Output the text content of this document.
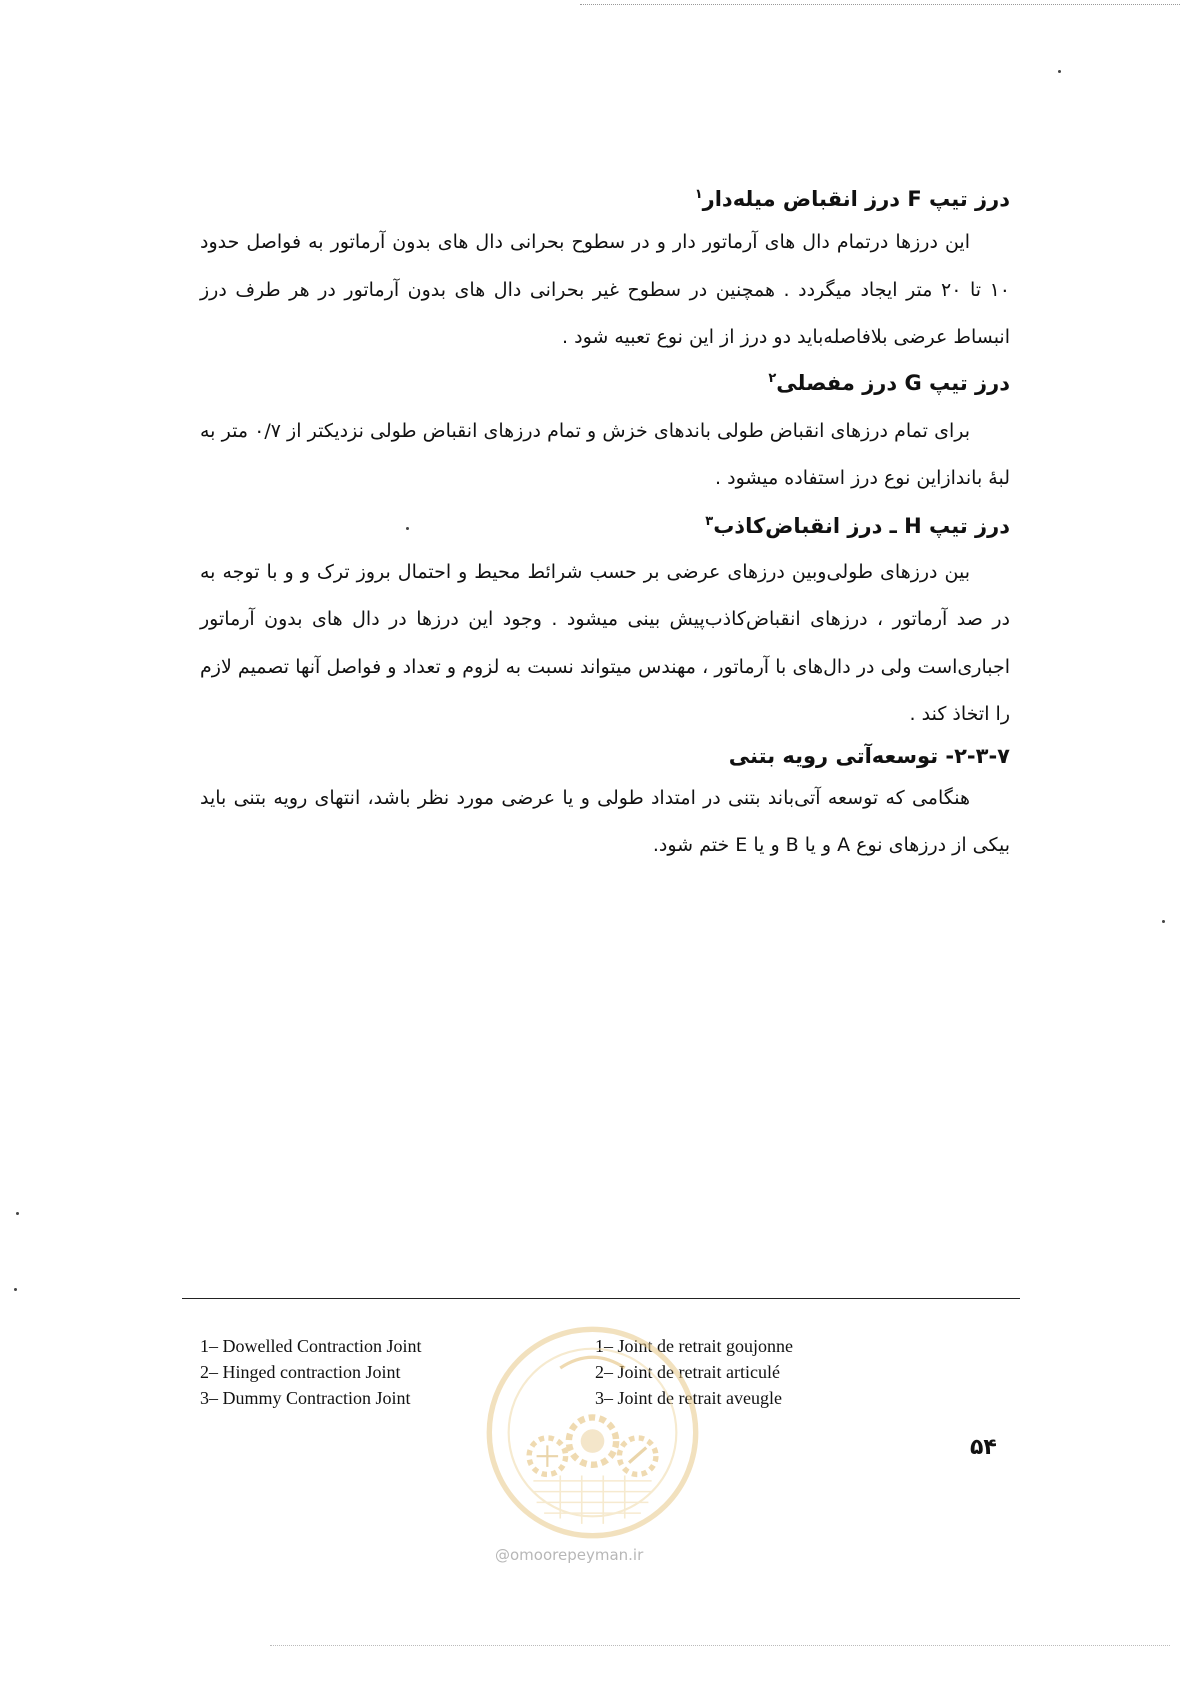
درز تیپ F درز انقباض میله‌دار$^۱$

این درزها درتمام دال های آرماتور دار و در سطوح بحرانی دال های بدون آرماتور به فواصل حدود ۱۰ تا ۲۰ متر ایجاد میگردد . همچنین در سطوح غیر بحرانی دال های بدون آرماتور در هر طرف درز انبساط عرضی بلافاصله‌باید دو درز از این نوع تعبیه شود .

درز تیپ G درز مفصلی$^۲$

برای تمام درزهای انقباض طولی باندهای خزش و تمام درزهای انقباض طولی نزدیکتر از ۰/۷ متر به لبهٔ باندازاین نوع درز استفاده میشود .

درز تیپ H ـ درز انقباض‌کاذب$^۳$

بین درزهای طولی‌وبین درزهای عرضی بر حسب شرائط محیط و احتمال بروز ترک و و با توجه به در صد آرماتور ، درزهای انقباض‌کاذب‌پیش بینی میشود . وجود این درزها در دال های بدون آرماتور اجباری‌است ولی در دال‌های با آرماتور ، مهندس میتواند نسبت به لزوم و تعداد و فواصل آنها تصمیم لازم را اتخاذ کند .

۲-۳-۷- توسعه‌آتی رویه بتنی

هنگامی که توسعه آتی‌باند بتنی در امتداد طولی و یا عرضی مورد نظر باشد، انتهای رویه بتنی باید بیکی از درزهای نوع A و یا B و یا E ختم شود.

1– Dowelled Contraction Joint
2– Hinged contraction Joint
3– Dummy Contraction Joint
1– Joint de retrait goujonne
2– Joint de retrait articulé
3– Joint de retrait aveugle
@omoorepeyman.ir
۵۴
